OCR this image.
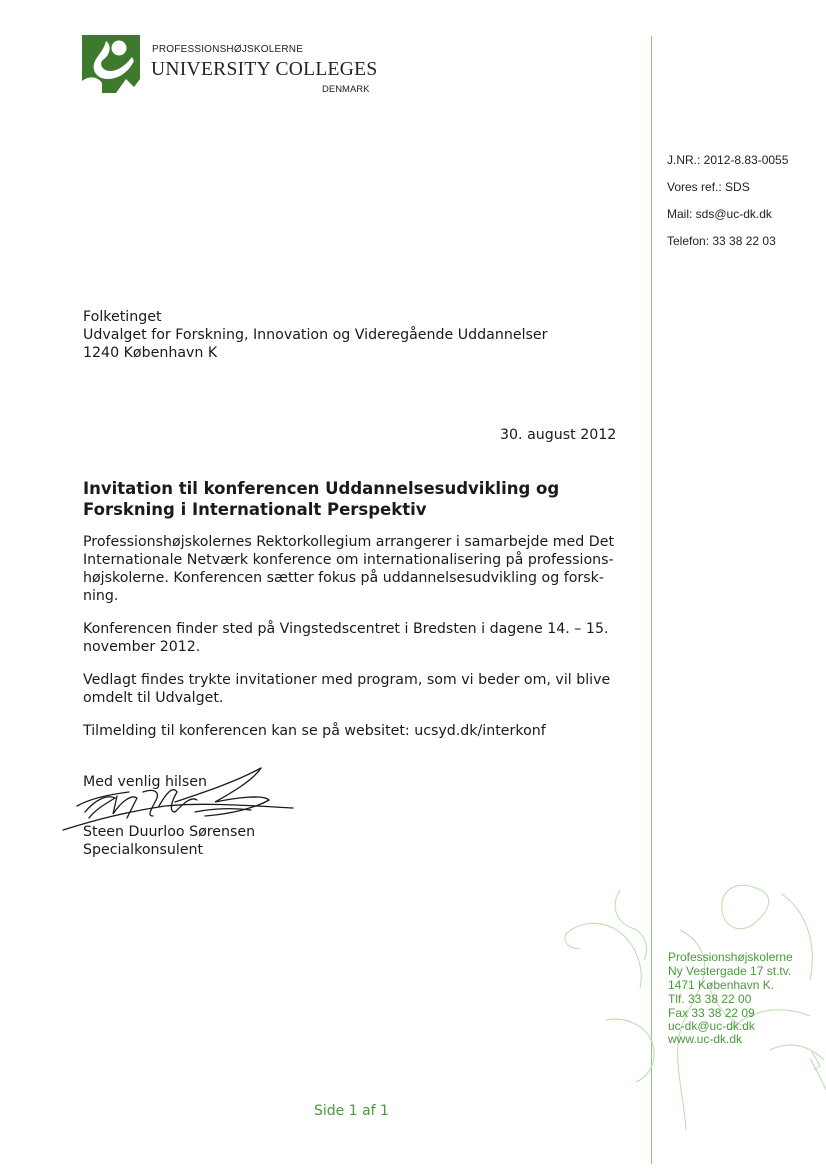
PROFESSIONSHØJSKOLERNE
UNIVERSITY COLLEGES
DENMARK
J.NR.: 2012-8.83-0055
Vores ref.: SDS
Mail: sds@uc-dk.dk
Telefon: 33 38 22 03
Folketinget
Udvalget for Forskning, Innovation og Videregående Uddannelser
1240 København K
30. august 2012
Invitation til konferencen Uddannelsesudvikling og
Forskning i Internationalt Perspektiv
Professionshøjskolernes Rektorkollegium arrangerer i samarbejde med Det
Internationale Netværk konference om internationalisering på professions-
højskolerne. Konferencen sætter fokus på uddannelsesudvikling og forsk-
ning.
Konferencen finder sted på Vingstedscentret i Bredsten i dagene 14. – 15.
november 2012.
Vedlagt findes trykte invitationer med program, som vi beder om, vil blive
omdelt til Udvalget.
Tilmelding til konferencen kan se på websitet: ucsyd.dk/interkonf
Med venlig hilsen
Steen Duurloo Sørensen
Specialkonsulent
Professionshøjskolerne
Ny Vestergade 17 st.tv.
1471 København K.
Tlf. 33 38 22 00
Fax 33 38 22 09
uc-dk@uc-dk.dk
www.uc-dk.dk
Side 1 af 1
